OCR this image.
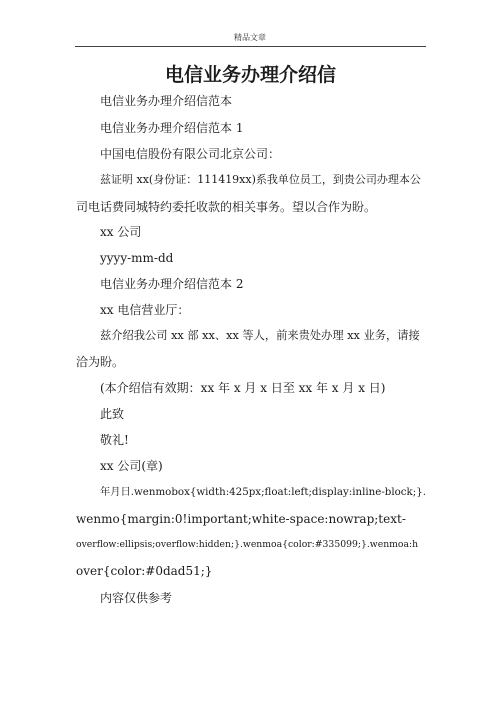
精品文章
电信业务办理介绍信
电信业务办理介绍信范本
电信业务办理介绍信范本 1
中国电信股份有限公司北京公司：
兹证明 xx(身份证：111419xx)系我单位员工，到贵公司办理本公
司电话费同城特约委托收款的相关事务。望以合作为盼。
xx 公司
yyyy-mm-dd
电信业务办理介绍信范本 2
xx 电信营业厅：
兹介绍我公司 xx 部 xx、xx 等人，前来贵处办理 xx 业务，请接
洽为盼。
(本介绍信有效期：xx 年 x 月 x 日至 xx 年 x 月 x 日)
此致
敬礼!
xx 公司(章)
年月日.wenmobox{width:425px;float:left;display:inline-block;}.
wenmo{margin:0!important;white-space:nowrap;text-
overflow:ellipsis;overflow:hidden;}.wenmoa{color:#335099;}.wenmoa:h
over{color:#0dad51;}
内容仅供参考
